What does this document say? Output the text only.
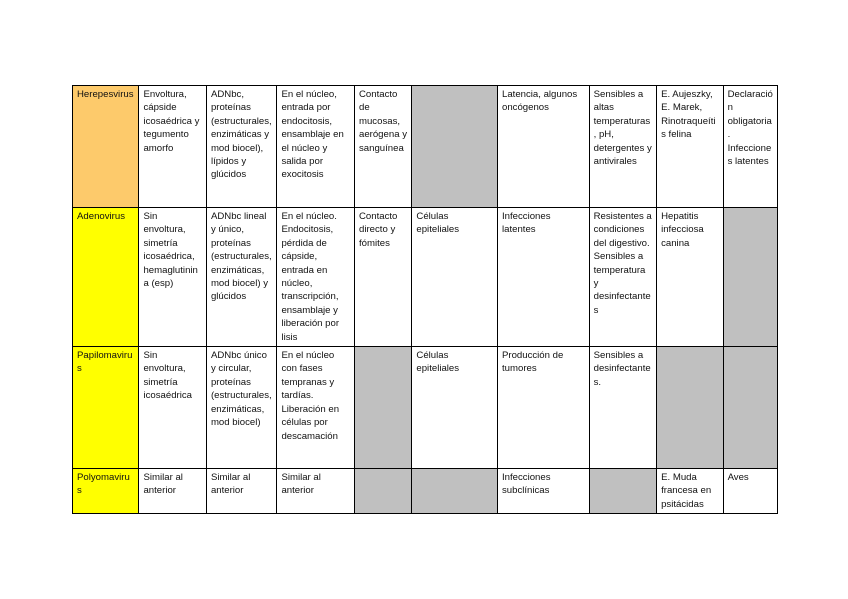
Herepesvirus	Envoltura, cápside icosaédrica y tegumento amorfo	ADNbc, proteínas (estructurales, enzimáticas y mod biocel), lípidos y glúcidos	En el núcleo, entrada por endocitosis, ensamblaje en el núcleo y salida por exocitosis	Contacto de mucosas, aerógena y sanguínea		Latencia, algunos oncógenos	Sensibles a altas temperaturas, pH, detergentes y antivirales	E. Aujeszky, E. Marek, Rinotraqueítis felina	Declaración obligatoria. Infecciones latentes
Adenovirus	Sin envoltura, simetría icosaédrica, hemaglutinina (esp)	ADNbc lineal y único, proteínas (estructurales, enzimáticas, mod biocel) y glúcidos	En el núcleo. Endocitosis, pérdida de cápside, entrada en núcleo, transcripción, ensamblaje y liberación por lisis	Contacto directo y fómites	Células epiteliales	Infecciones latentes	Resistentes a condiciones del digestivo. Sensibles a temperatura y desinfectantes	Hepatitis infecciosa canina	
Papilomavirus	Sin envoltura, simetría icosaédrica	ADNbc único y circular, proteínas (estructurales, enzimáticas, mod biocel)	En el núcleo con fases tempranas y tardías. Liberación en células por descamación		Células epiteliales	Producción de tumores	Sensibles a desinfectantes.		
Polyomavirus	Similar al anterior	Similar al anterior	Similar al anterior			Infecciones subclínicas		E. Muda francesa en psitácidas	Aves
